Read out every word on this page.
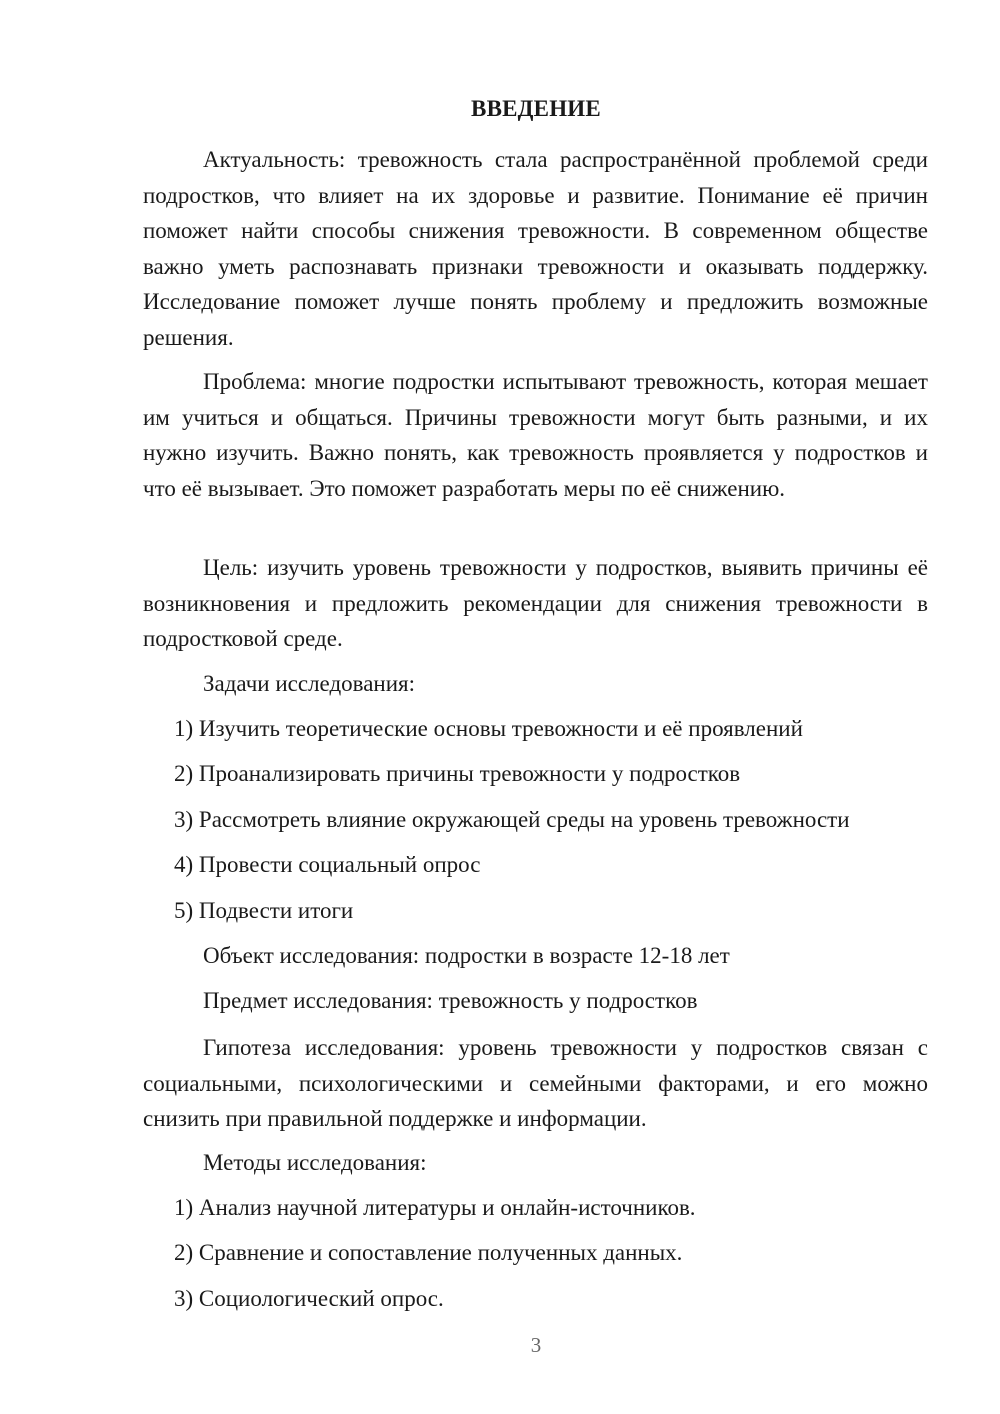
ВВЕДЕНИЕ
Актуальность: тревожность стала распространённой проблемой среди подростков, что влияет на их здоровье и развитие. Понимание её причин поможет найти способы снижения тревожности. В современном обществе важно уметь распознавать признаки тревожности и оказывать поддержку. Исследование поможет лучше понять проблему и предложить возможные решения.
Проблема: многие подростки испытывают тревожность, которая мешает им учиться и общаться. Причины тревожности могут быть разными, и их нужно изучить. Важно понять, как тревожность проявляется у подростков и что её вызывает. Это поможет разработать меры по её снижению.
Цель: изучить уровень тревожности у подростков, выявить причины её возникновения и предложить рекомендации для снижения тревожности в подростковой среде.
Задачи исследования:
1) Изучить теоретические основы тревожности и её проявлений
2) Проанализировать причины тревожности у подростков
3) Рассмотреть влияние окружающей среды на уровень тревожности
4) Провести социальный опрос
5) Подвести итоги
Объект исследования: подростки в возрасте 12-18 лет
Предмет исследования: тревожность у подростков
Гипотеза исследования: уровень тревожности у подростков связан с социальными, психологическими и семейными факторами, и его можно снизить при правильной поддержке и информации.
Методы исследования:
1) Анализ научной литературы и онлайн-источников.
2) Сравнение и сопоставление полученных данных.
3) Социологический опрос.
3
